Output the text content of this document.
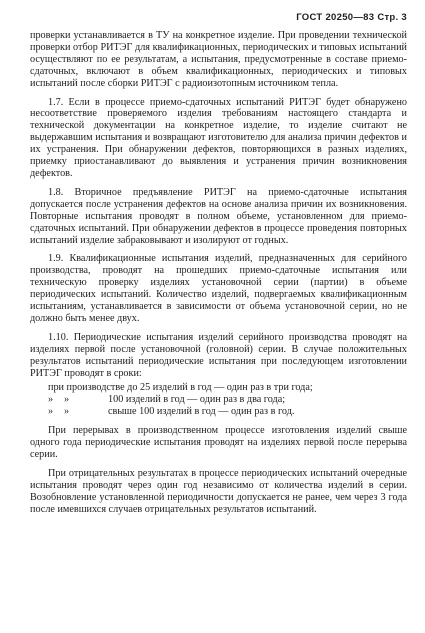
ГОСТ 20250—83 Стр. 3

проверки устанавливается в ТУ на конкретное изделие. При проведении технической проверки отбор РИТЭГ для квалификационных, периодических и типовых испытаний осуществляют по ее результатам, а испытания, предусмотренные в составе приемо-сдаточных, включают в объем квалификационных, периодических и типовых испытаний после сборки РИТЭГ с радиоизотопным источником тепла.

1.7. Если в процессе приемо-сдаточных испытаний РИТЭГ будет обнаружено несоответствие проверяемого изделия требованиям настоящего стандарта и технической документации на конкретное изделие, то изделие считают не выдержавшим испытания и возвращают изготовителю для анализа причин дефектов и их устранения. При обнаружении дефектов, повторяющихся в разных изделиях, приемку приостанавливают до выявления и устранения причин возникновения дефектов.

1.8. Вторичное предъявление РИТЭГ на приемо-сдаточные испытания допускается после устранения дефектов на основе анализа причин их возникновения. Повторные испытания проводят в полном объеме, установленном для приемо-сдаточных испытаний. При обнаружении дефектов в процессе проведения повторных испытаний изделие забраковывают и изолируют от годных.

1.9. Квалификационные испытания изделий, предназначенных для серийного производства, проводят на прошедших приемо-сдаточные испытания или техническую проверку изделиях установочной серии (партии) в объеме периодических испытаний. Количество изделий, подвергаемых квалификационным испытаниям, устанавливается в зависимости от объема установочной серии, но не должно быть менее двух.

1.10. Периодические испытания изделий серийного производства проводят на изделиях первой после установочной (головной) серии. В случае положительных результатов испытаний периодические испытания при последующем изготовлении РИТЭГ проводят в сроки:

при производстве до 25 изделий в год — один раз в три года;
»	»	100 изделий в год — один раз в два года;
»	»	свыше 100 изделий в год — один раз в год.

При перерывах в производственном процессе изготовления изделий свыше одного года периодические испытания проводят на изделиях первой после перерыва серии.

При отрицательных результатах в процессе периодических испытаний очередные испытания проводят через один год независимо от количества изделий в серии. Возобновление установленной периодичности допускается не ранее, чем через 3 года после имевшихся случаев отрицательных результатов испытаний.
